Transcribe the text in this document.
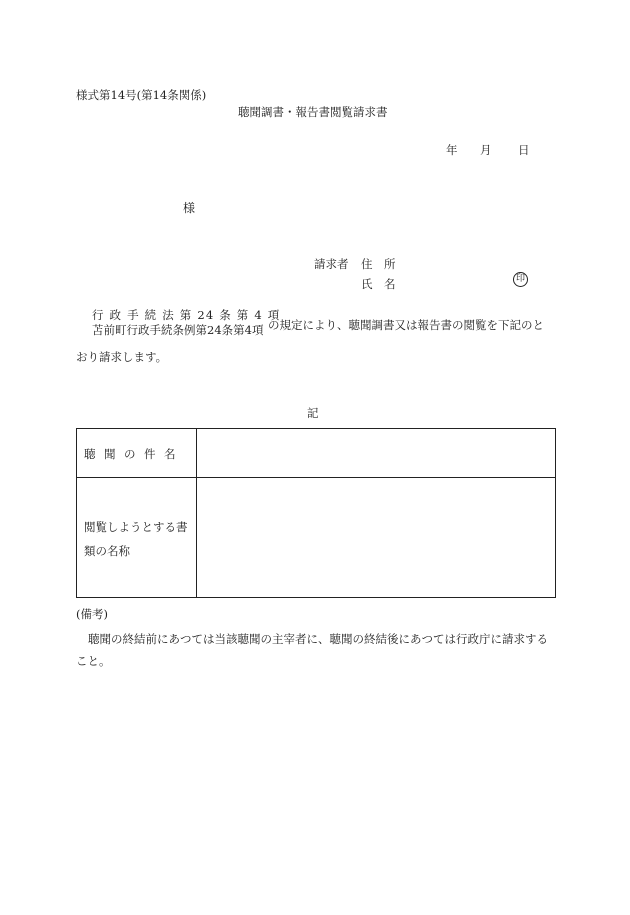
様式第14号(第14条関係)
聴聞調書・報告書閲覧請求書
年 月 日
様
請求者 住　所
氏　名	印
行 政 手 続 法 第 24 条 第 4 項
苫前町行政手続条例第24条第4項 の規定により、聴聞調書又は報告書の閲覧を下記のと
おり請求します。
記
聴聞の件名
閲覧しようとする書類の名称
(備考)
聴聞の終結前にあつては当該聴聞の主宰者に、聴聞の終結後にあつては行政庁に請求すること。
